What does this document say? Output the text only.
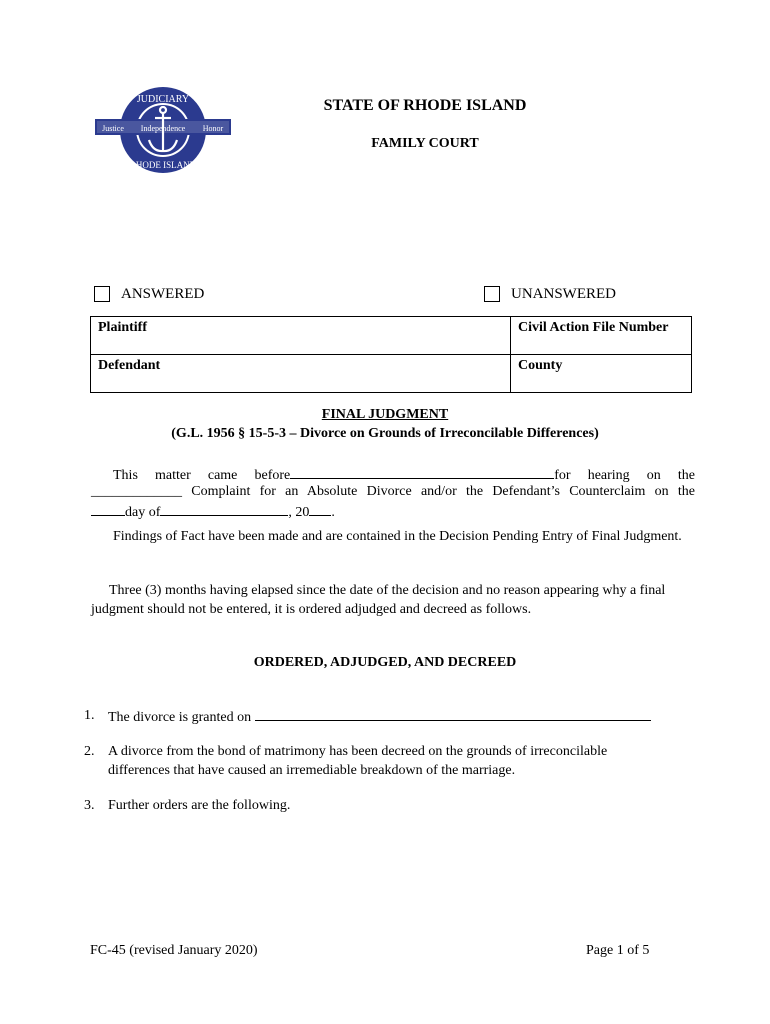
JUDICIARY
RHODE ISLAND
Justice Independence Honor
STATE OF RHODE ISLAND
FAMILY COURT
ANSWERED	UNANSWERED
Plaintiff	Civil Action File Number
Defendant	County
FINAL JUDGMENT
(G.L. 1956 § 15-5-3 – Divorce on Grounds of Irreconcilable Differences)
This matter came before	for hearing on the
_____________ Complaint for an Absolute Divorce and/or the Defendant’s Counterclaim on the
day of	, 20 .
Findings of Fact have been made and are contained in the Decision Pending Entry of Final Judgment.
Three (3) months having elapsed since the date of the decision and no reason appearing why a final judgment should not be entered, it is ordered adjudged and decreed as follows.
ORDERED, ADJUDGED, AND DECREED
1. The divorce is granted on
2. A divorce from the bond of matrimony has been decreed on the grounds of irreconcilable differences that have caused an irremediable breakdown of the marriage.
3. Further orders are the following.
FC-45 (revised January 2020)	Page 1 of 5
